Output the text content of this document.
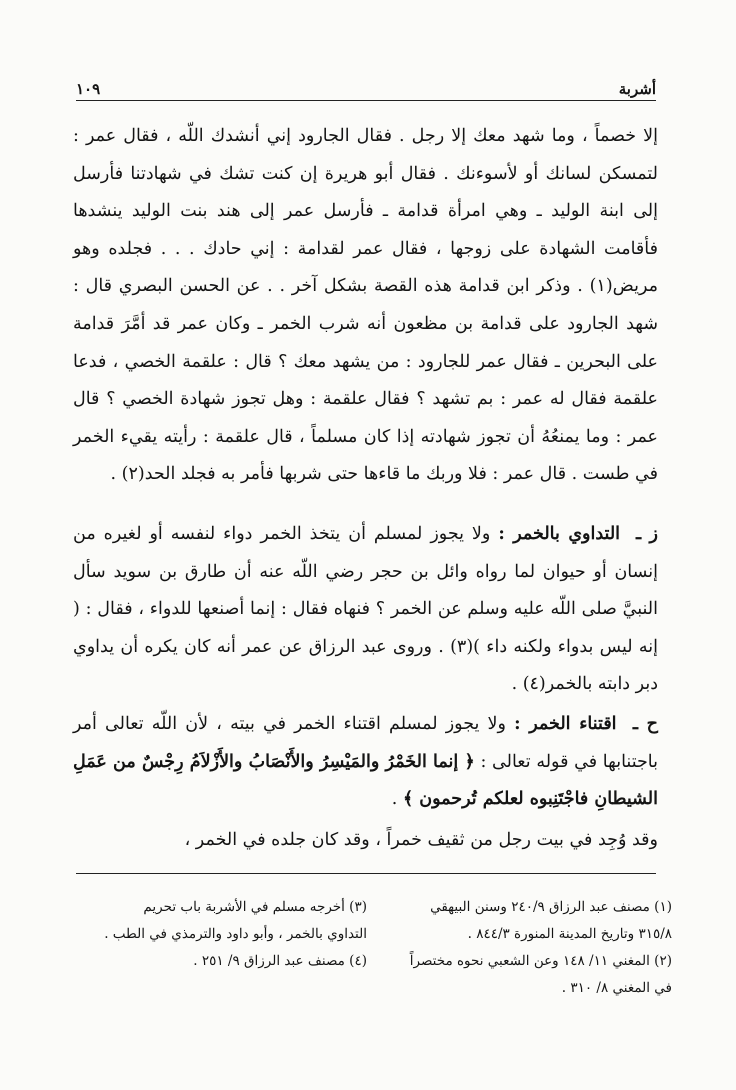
أشربة
١٠٩

إلا خصماً ، وما شهد معك إلا رجل . فقال الجارود إني أنشدك اللّه ، فقال عمر : لتمسكن لسانك أو لأسوءنك . فقال أبو هريرة إن كنت تشك في شهادتنا فأرسل إلى ابنة الوليد ـ وهي امرأة قدامة ـ فأرسل عمر إلى هند بنت الوليد ينشدها فأقامت الشهادة على زوجها ، فقال عمر لقدامة : إني حادك . . . فجلده وهو مريض(١) . وذكر ابن قدامة هذه القصة بشكل آخر . . عن الحسن البصري قال : شهد الجارود على قدامة بن مظعون أنه شرب الخمر ـ وكان عمر قد أمَّرَ قدامة على البحرين ـ فقال عمر للجارود : من يشهد معك ؟ قال : علقمة الخصي ، فدعا علقمة فقال له عمر : بم تشهد ؟ فقال علقمة : وهل تجوز شهادة الخصي ؟ قال عمر : وما يمنعُهُ أن تجوز شهادته إذا كان مسلماً ، قال علقمة : رأيته يقيء الخمر في طست . قال عمر : فلا وربك ما قاءها حتى شربها فأمر به فجلد الحد(٢) .

ز ـ  التداوي بالخمر : ولا يجوز لمسلم أن يتخذ الخمر دواء لنفسه أو لغيره من إنسان أو حيوان لما رواه وائل بن حجر رضي اللّه عنه أن طارق بن سويد سأل النبيَّ صلى اللّه عليه وسلم عن الخمر ؟ فنهاه فقال : إنما أصنعها للدواء ، فقال : ( إنه ليس بدواء ولكنه داء )(٣) . وروى عبد الرزاق عن عمر أنه كان يكره أن يداوي دبر دابته بالخمر(٤) .

ح ـ  اقتناء الخمر : ولا يجوز لمسلم اقتناء الخمر في بيته ، لأن اللّه تعالى أمر باجتنابها في قوله تعالى : ﴿ إنما الخَمْرُ والمَيْسِرُ والأَنْصَابُ والأَزْلاَمُ رِجْسٌ من عَمَلِ الشيطانِ فاجْتَنِبوه لعلكم تُرحمون ﴾ .

وقد وُجِد في بيت رجل من ثقيف خمراً ، وقد كان جلده في الخمر ،

(١) مصنف عبد الرزاق ٢٤٠/٩ وسنن البيهقي ٣١٥/٨ وتاريخ المدينة المنورة ٨٤٤/٣ .

(٢) المغني ١١/ ١٤٨ وعن الشعبي نحوه مختصراً في المغني ٨/ ٣١٠ .

(٣) أخرجه مسلم في الأشربة باب تحريم التداوي بالخمر ، وأبو داود والترمذي في الطب .

(٤) مصنف عبد الرزاق ٩/ ٢٥١ .
